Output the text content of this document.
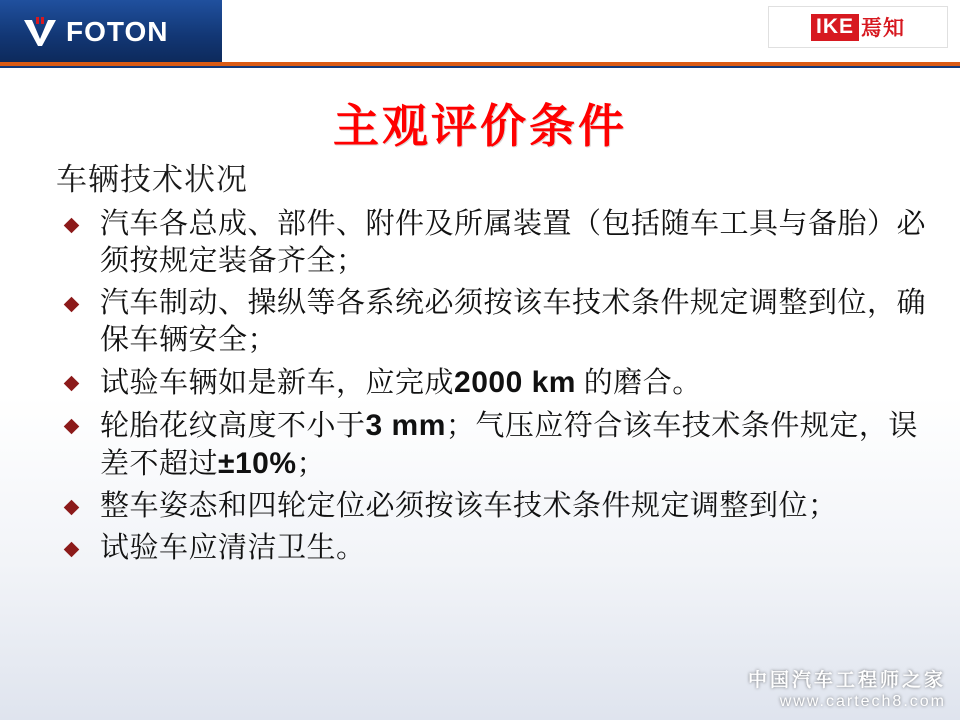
FOTON	IKE 焉知
主观评价条件
车辆技术状况
汽车各总成、部件、附件及所属装置（包括随车工具与备胎）必须按规定装备齐全；
汽车制动、操纵等各系统必须按该车技术条件规定调整到位，确保车辆安全；
试验车辆如是新车，应完成2000 km 的磨合。
轮胎花纹高度不小于3 mm；气压应符合该车技术条件规定，误差不超过±10%；
整车姿态和四轮定位必须按该车技术条件规定调整到位；
试验车应清洁卫生。
中国汽车工程师之家
www.cartech8.com
